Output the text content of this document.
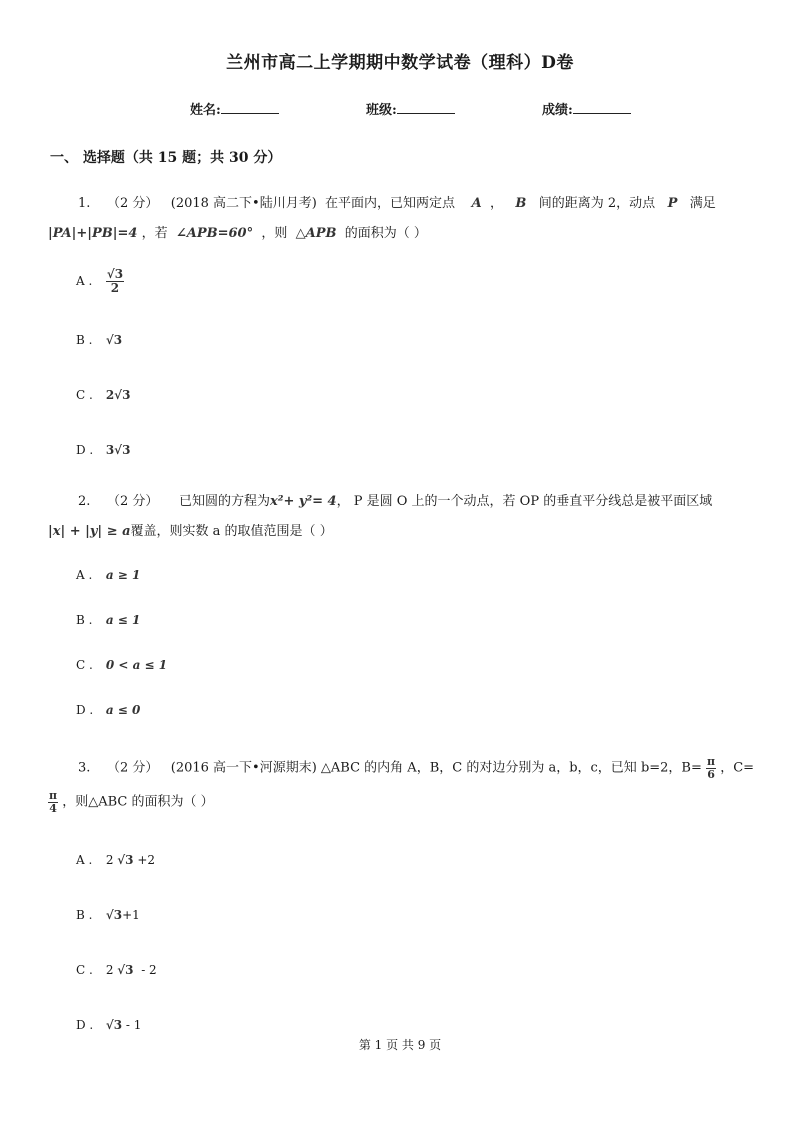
兰州市高二上学期期中数学试卷（理科）D卷
姓名:	班级:	成绩:
一、 选择题（共 15 题；共 30 分）
1. （2 分） (2018 高二下•陆川月考) 在平面内，已知两定点 A ， B 间的距离为 2，动点 P 满足
|PA|+|PB|=4 ，若 ∠APB=60° ，则 △APB 的面积为（ ）
A . $\frac{√3}{2}$
B . √3
C . 2√3
D . 3√3
2. （2 分） 已知圆的方程为x²+ y²= 4， P 是圆 O 上的一个动点，若 OP 的垂直平分线总是被平面区域
|x| + |y| ≥ a覆盖，则实数 a 的取值范围是（ ）
A . a ≥ 1
B . a ≤ 1
C . 0 < a ≤ 1
D . a ≤ 0
3. （2 分） (2016 高一下•河源期末) △ABC 的内角 A，B，C 的对边分别为 a，b，c，已知 b=2，$B= \frac{\pi}{6}$ ，C=
$\frac{\pi}{4}$ ，则△ABC 的面积为（ ）
A . 2 √3 +2
B . √3+1
C . 2 √3 - 2
D . √3 - 1
第 1 页 共 9 页
